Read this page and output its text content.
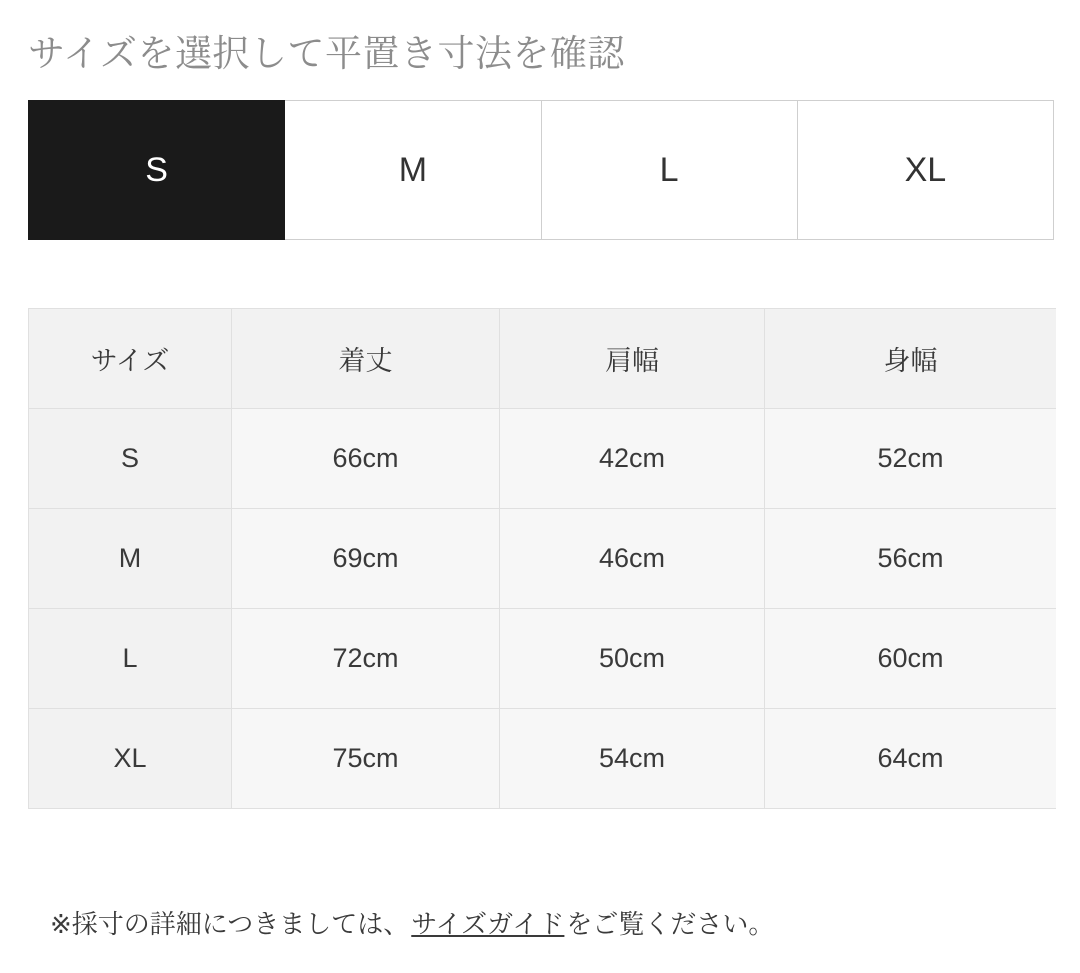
サイズを選択して平置き寸法を確認
S	M	L	XL
サイズ	着丈	肩幅	身幅	
S	66cm	42cm	52cm	
M	69cm	46cm	56cm	
L	72cm	50cm	60cm	
XL	75cm	54cm	64cm	
※採寸の詳細につきましては、サイズガイドをご覧ください。
